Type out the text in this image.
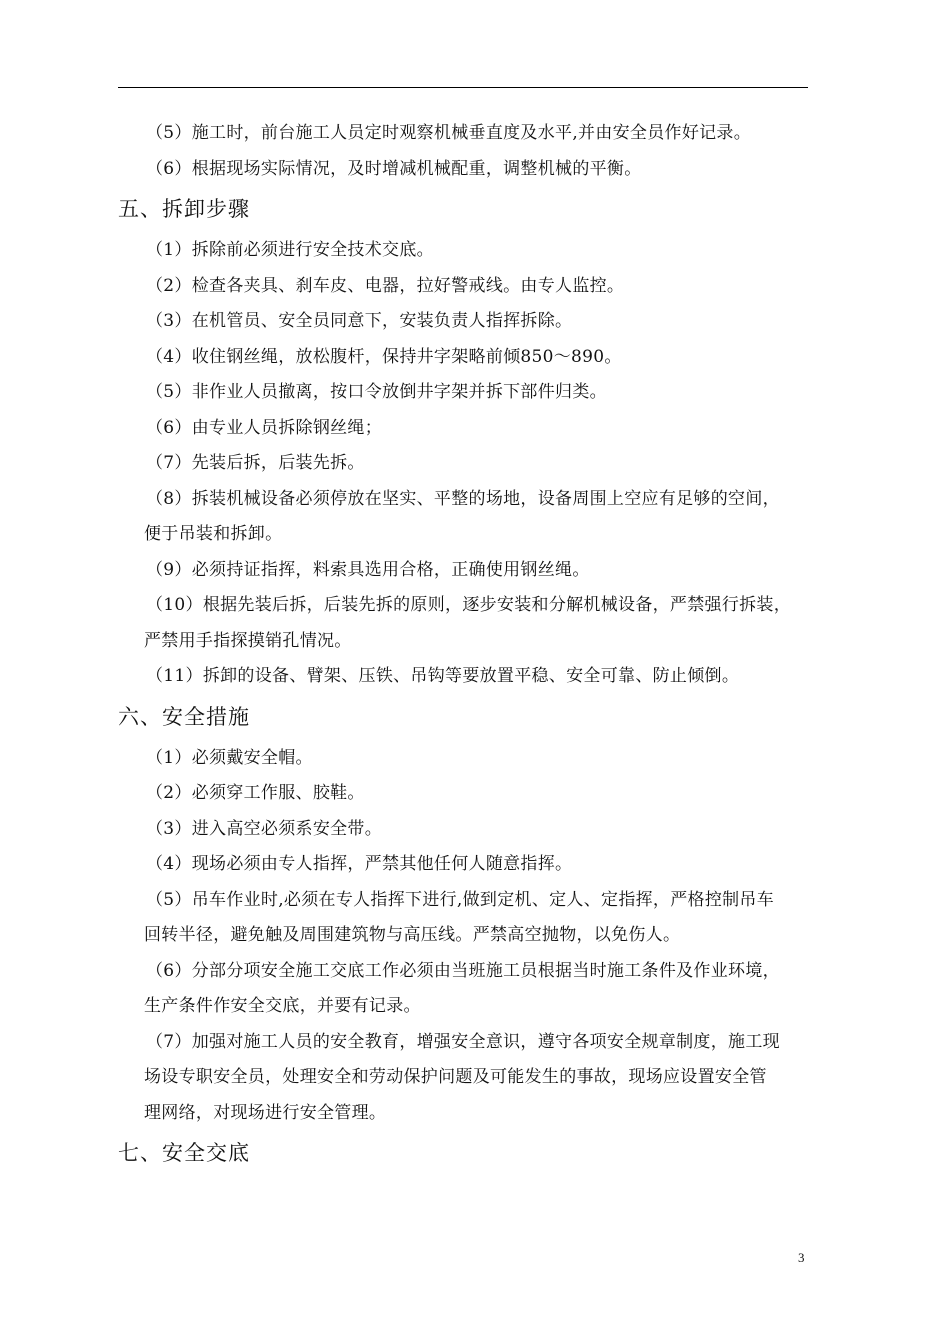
（5）施工时，前台施工人员定时观察机械垂直度及水平,并由安全员作好记录。

（6）根据现场实际情况，及时增减机械配重，调整机械的平衡。

五、拆卸步骤

（1）拆除前必须进行安全技术交底。

（2）检查各夹具、刹车皮、电器，拉好警戒线。由专人监控。

（3）在机管员、安全员同意下，安装负责人指挥拆除。

（4）收住钢丝绳，放松腹杆，保持井字架略前倾850～890。

（5）非作业人员撤离，按口令放倒井字架并拆下部件归类。

（6）由专业人员拆除钢丝绳；

（7）先装后拆，后装先拆。

（8）拆装机械设备必须停放在坚实、平整的场地，设备周围上空应有足够的空间，
便于吊装和拆卸。

（9）必须持证指挥，料索具选用合格，正确使用钢丝绳。

（10）根据先装后拆，后装先拆的原则，逐步安装和分解机械设备，严禁强行拆装，
严禁用手指探摸销孔情况。

（11）拆卸的设备、臂架、压铁、吊钩等要放置平稳、安全可靠、防止倾倒。

六、安全措施

（1）必须戴安全帽。

（2）必须穿工作服、胶鞋。

（3）进入高空必须系安全带。

（4）现场必须由专人指挥，严禁其他任何人随意指挥。

（5）吊车作业时,必须在专人指挥下进行,做到定机、定人、定指挥，严格控制吊车
回转半径，避免触及周围建筑物与高压线。严禁高空抛物，以免伤人。

（6）分部分项安全施工交底工作必须由当班施工员根据当时施工条件及作业环境，
生产条件作安全交底，并要有记录。

（7）加强对施工人员的安全教育，增强安全意识，遵守各项安全规章制度，施工现
场设专职安全员，处理安全和劳动保护问题及可能发生的事故，现场应设置安全管
理网络，对现场进行安全管理。

七、安全交底

3
